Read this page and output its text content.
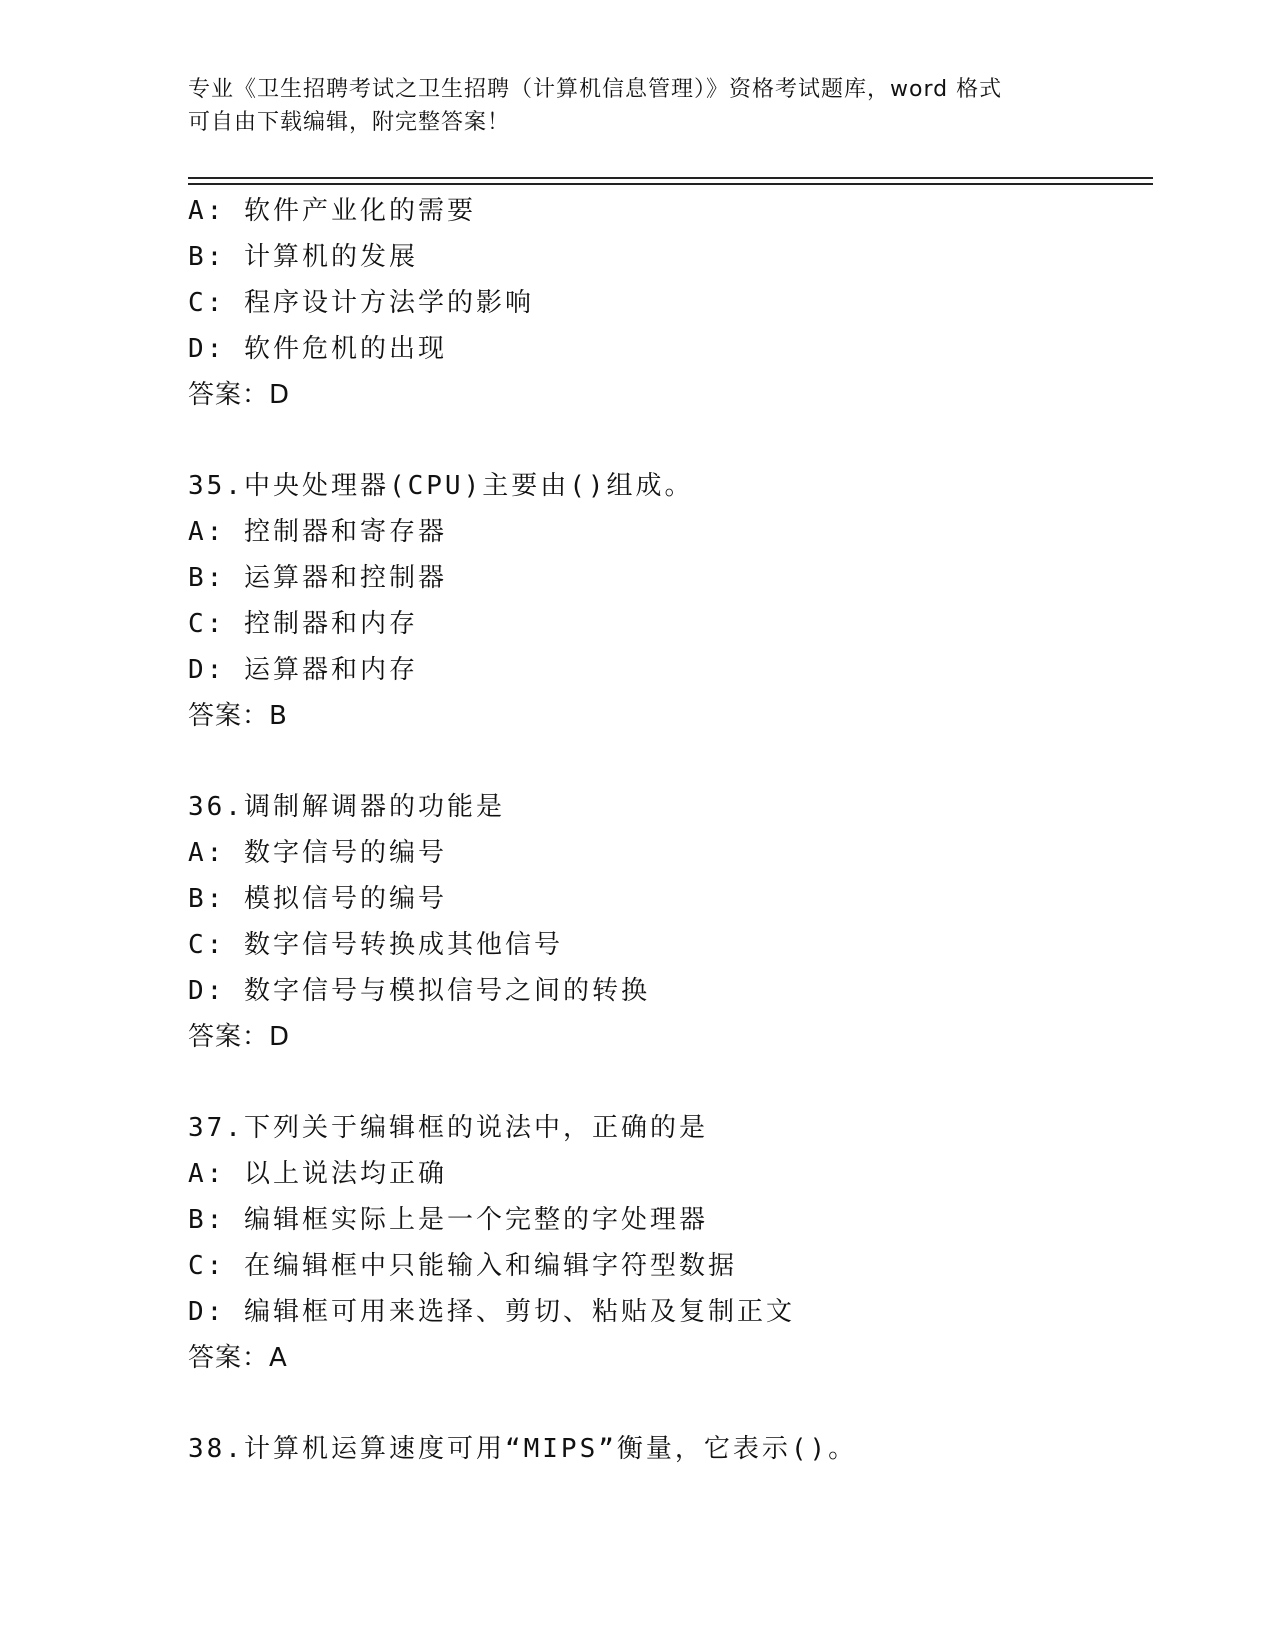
专业《卫生招聘考试之卫生招聘（计算机信息管理）》资格考试题库，word 格式
可自由下载编辑，附完整答案！
A: 软件产业化的需要
B: 计算机的发展
C: 程序设计方法学的影响
D: 软件危机的出现
答案：D
35.中央处理器(CPU)主要由()组成。
A: 控制器和寄存器
B: 运算器和控制器
C: 控制器和内存
D: 运算器和内存
答案：B
36.调制解调器的功能是
A: 数字信号的编号
B: 模拟信号的编号
C: 数字信号转换成其他信号
D: 数字信号与模拟信号之间的转换
答案：D
37.下列关于编辑框的说法中，正确的是
A: 以上说法均正确
B: 编辑框实际上是一个完整的字处理器
C: 在编辑框中只能输入和编辑字符型数据
D: 编辑框可用来选择、剪切、粘贴及复制正文
答案：A
38.计算机运算速度可用“MIPS”衡量，它表示()。
